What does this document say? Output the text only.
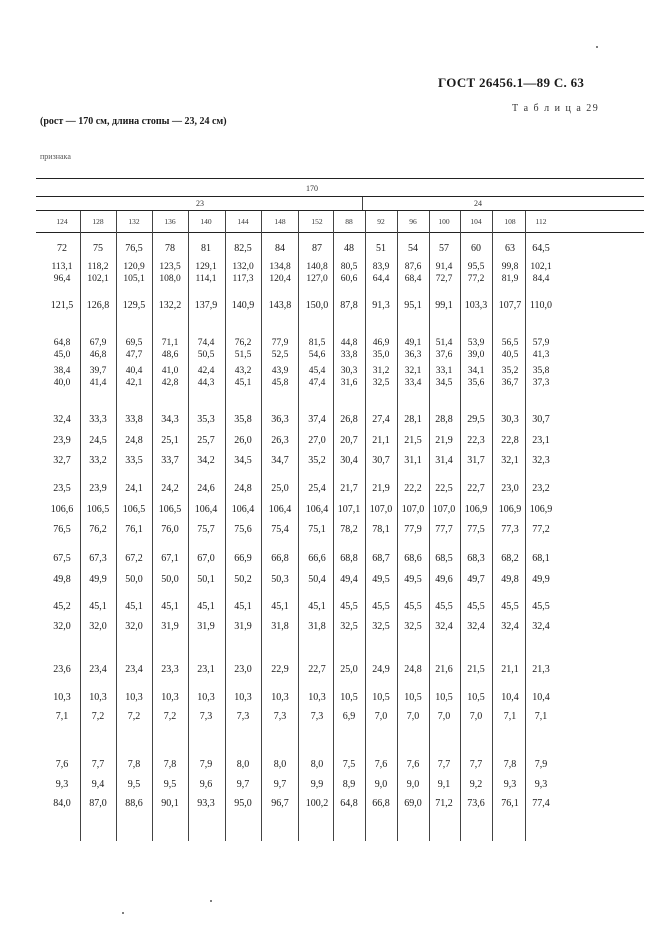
ГОСТ 26456.1—89 С. 63
Т а б л и ц а 29
(рост — 170 см, длина стопы — 23, 24 см)
признака
170
23	24
124	128	132	136	140	144	148	152	88	92	96	100	104	108	112
72	75	76,5	78	81	82,5	84	87	48	51	54	57	60	63	64,5
113,1	118,2	120,9	123,5	129,1	132,0	134,8	140,8	80,5	83,9	87,6	91,4	95,5	99,8	102,1
96,4	102,1	105,1	108,0	114,1	117,3	120,4	127,0	60,6	64,4	68,4	72,7	77,2	81,9	84,4
121,5	126,8	129,5	132,2	137,9	140,9	143,8	150,0	87,8	91,3	95,1	99,1	103,3	107,7 110,0
64,8	67,9	69,5	71,1	74,4	76,2	77,9	81,5	44,8	46,9	49,1	51,4	53,9	56,5	57,9
45,0	46,8	47,7	48,6	50,5	51,5	52,5	54,6	33,8	35,0	36,3	37,6	39,0	40,5	41,3
38,4	39,7	40,4	41,0	42,4	43,2	43,9	45,4	30,3	31,2	32,1	33,1	34,1	35,2	35,8
40,0	41,4	42,1	42,8	44,3	45,1	45,8	47,4	31,6	32,5	33,4	34,5	35,6	36,7	37,3
32,4	33,3	33,8	34,3	35,3	35,8	36,3	37,4	26,8	27,4	28,1	28,8	29,5	30,3	30,7
23,9	24,5	24,8	25,1	25,7	26,0	26,3	27,0	20,7	21,1	21,5	21,9	22,3	22,8	23,1
32,7	33,2	33,5	33,7	34,2	34,5	34,7	35,2	30,4	30,7	31,1	31,4	31,7	32,1	32,3
23,5	23,9	24,1	24,2	24,6	24,8	25,0	25,4	21,7	21,9	22,2	22,5	22,7	23,0	23,2
106,6	106,5	106,5	106,5	106,4	106,4	106,4	106,4 107,1 107,0 107,0 107,0 106,9	106,9 106,9
76,5	76,2	76,1	76,0	75,7	75,6	75,4	75,1	78,2	78,1	77,9	77,7	77,5	77,3	77,2
67,5	67,3	67,2	67,1	67,0	66,9	66,8	66,6	68,8	68,7	68,6	68,5	68,3	68,2	68,1
49,8	49,9	50,0	50,0	50,1	50,2	50,3	50,4	49,4	49,5	49,5	49,6	49,7	49,8	49,9
45,2	45,1	45,1	45,1	45,1	45,1	45,1	45,1	45,5	45,5	45,5	45,5	45,5	45,5	45,5
32,0	32,0	32,0	31,9	31,9	31,9	31,8	31,8	32,5	32,5	32,5	32,4	32,4	32,4	32,4
23,6	23,4	23,4	23,3	23,1	23,0	22,9	22,7	25,0	24,9	24,8	21,6	21,5	21,1	21,3
10,3	10,3	10,3	10,3	10,3	10,3	10,3	10,3	10,5	10,5	10,5	10,5	10,5	10,4	10,4
7,1	7,2	7,2	7,2	7,3	7,3	7,3	7,3	6,9	7,0	7,0	7,0	7,0	7,1	7,1
7,6	7,7	7,8	7,8	7,9	8,0	8,0	8,0	7,5	7,6	7,6	7,7	7,7	7,8	7,9
9,3	9,4	9,5	9,5	9,6	9,7	9,7	9,9	8,9	9,0	9,0	9,1	9,2	9,3	9,3
84,0	87,0	88,6	90,1	93,3	95,0	96,7	100,2	64,8	66,8	69,0	71,2	73,6	76,1	77,4
